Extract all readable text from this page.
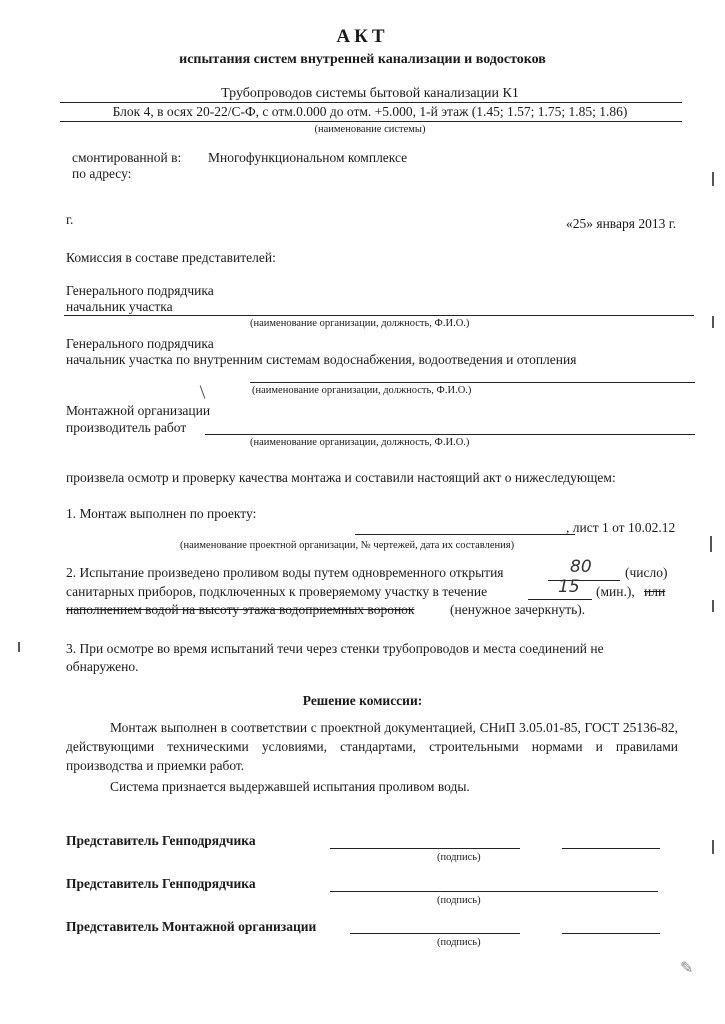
АКТ
испытания систем внутренней канализации и водостоков
Трубопроводов системы бытовой канализации К1
Блок 4, в осях 20-22/С-Ф, с отм.0.000 до отм. +5.000, 1-й этаж (1.45; 1.57; 1.75; 1.85; 1.86)
(наименование системы)
смонтированной в: Многофункциональном комплексе
по адресу:
г.	«25» января 2013 г.
Комиссия в составе представителей:
Генерального подрядчика
начальник участка
(наименование организации, должность, Ф.И.О.)
Генерального подрядчика
начальник участка по внутренним системам водоснабжения, водоотведения и отопления
(наименование организации, должность, Ф.И.О.)
Монтажной организации
производитель работ
(наименование организации, должность, Ф.И.О.)
произвела осмотр и проверку качества монтажа и составили настоящий акт о нижеследующем:
1. Монтаж выполнен по проекту:
, лист 1 от 10.02.12
(наименование проектной организации, № чертежей, дата их составления)
2. Испытание произведено проливом воды путем одновременного открытия	80 (число)
санитарных приборов, подключенных к проверяемому участку в течение	15 (мин.), или
наполнением водой на высоту этажа водоприемных воронок	(ненужное зачеркнуть).
3. При осмотре во время испытаний течи через стенки трубопроводов и места соединений не
обнаружено.
Решение комиссии:
Монтаж выполнен в соответствии с проектной документацией, СНиП 3.05.01-85, ГОСТ 25136-82, действующими техническими условиями, стандартами, строительными нормами и правилами производства и приемки работ.
Система признается выдержавшей испытания проливом воды.
Представитель Генподрядчика
(подпись)
Представитель Генподрядчика
(подпись)
Представитель Монтажной организации
(подпись)
✎
